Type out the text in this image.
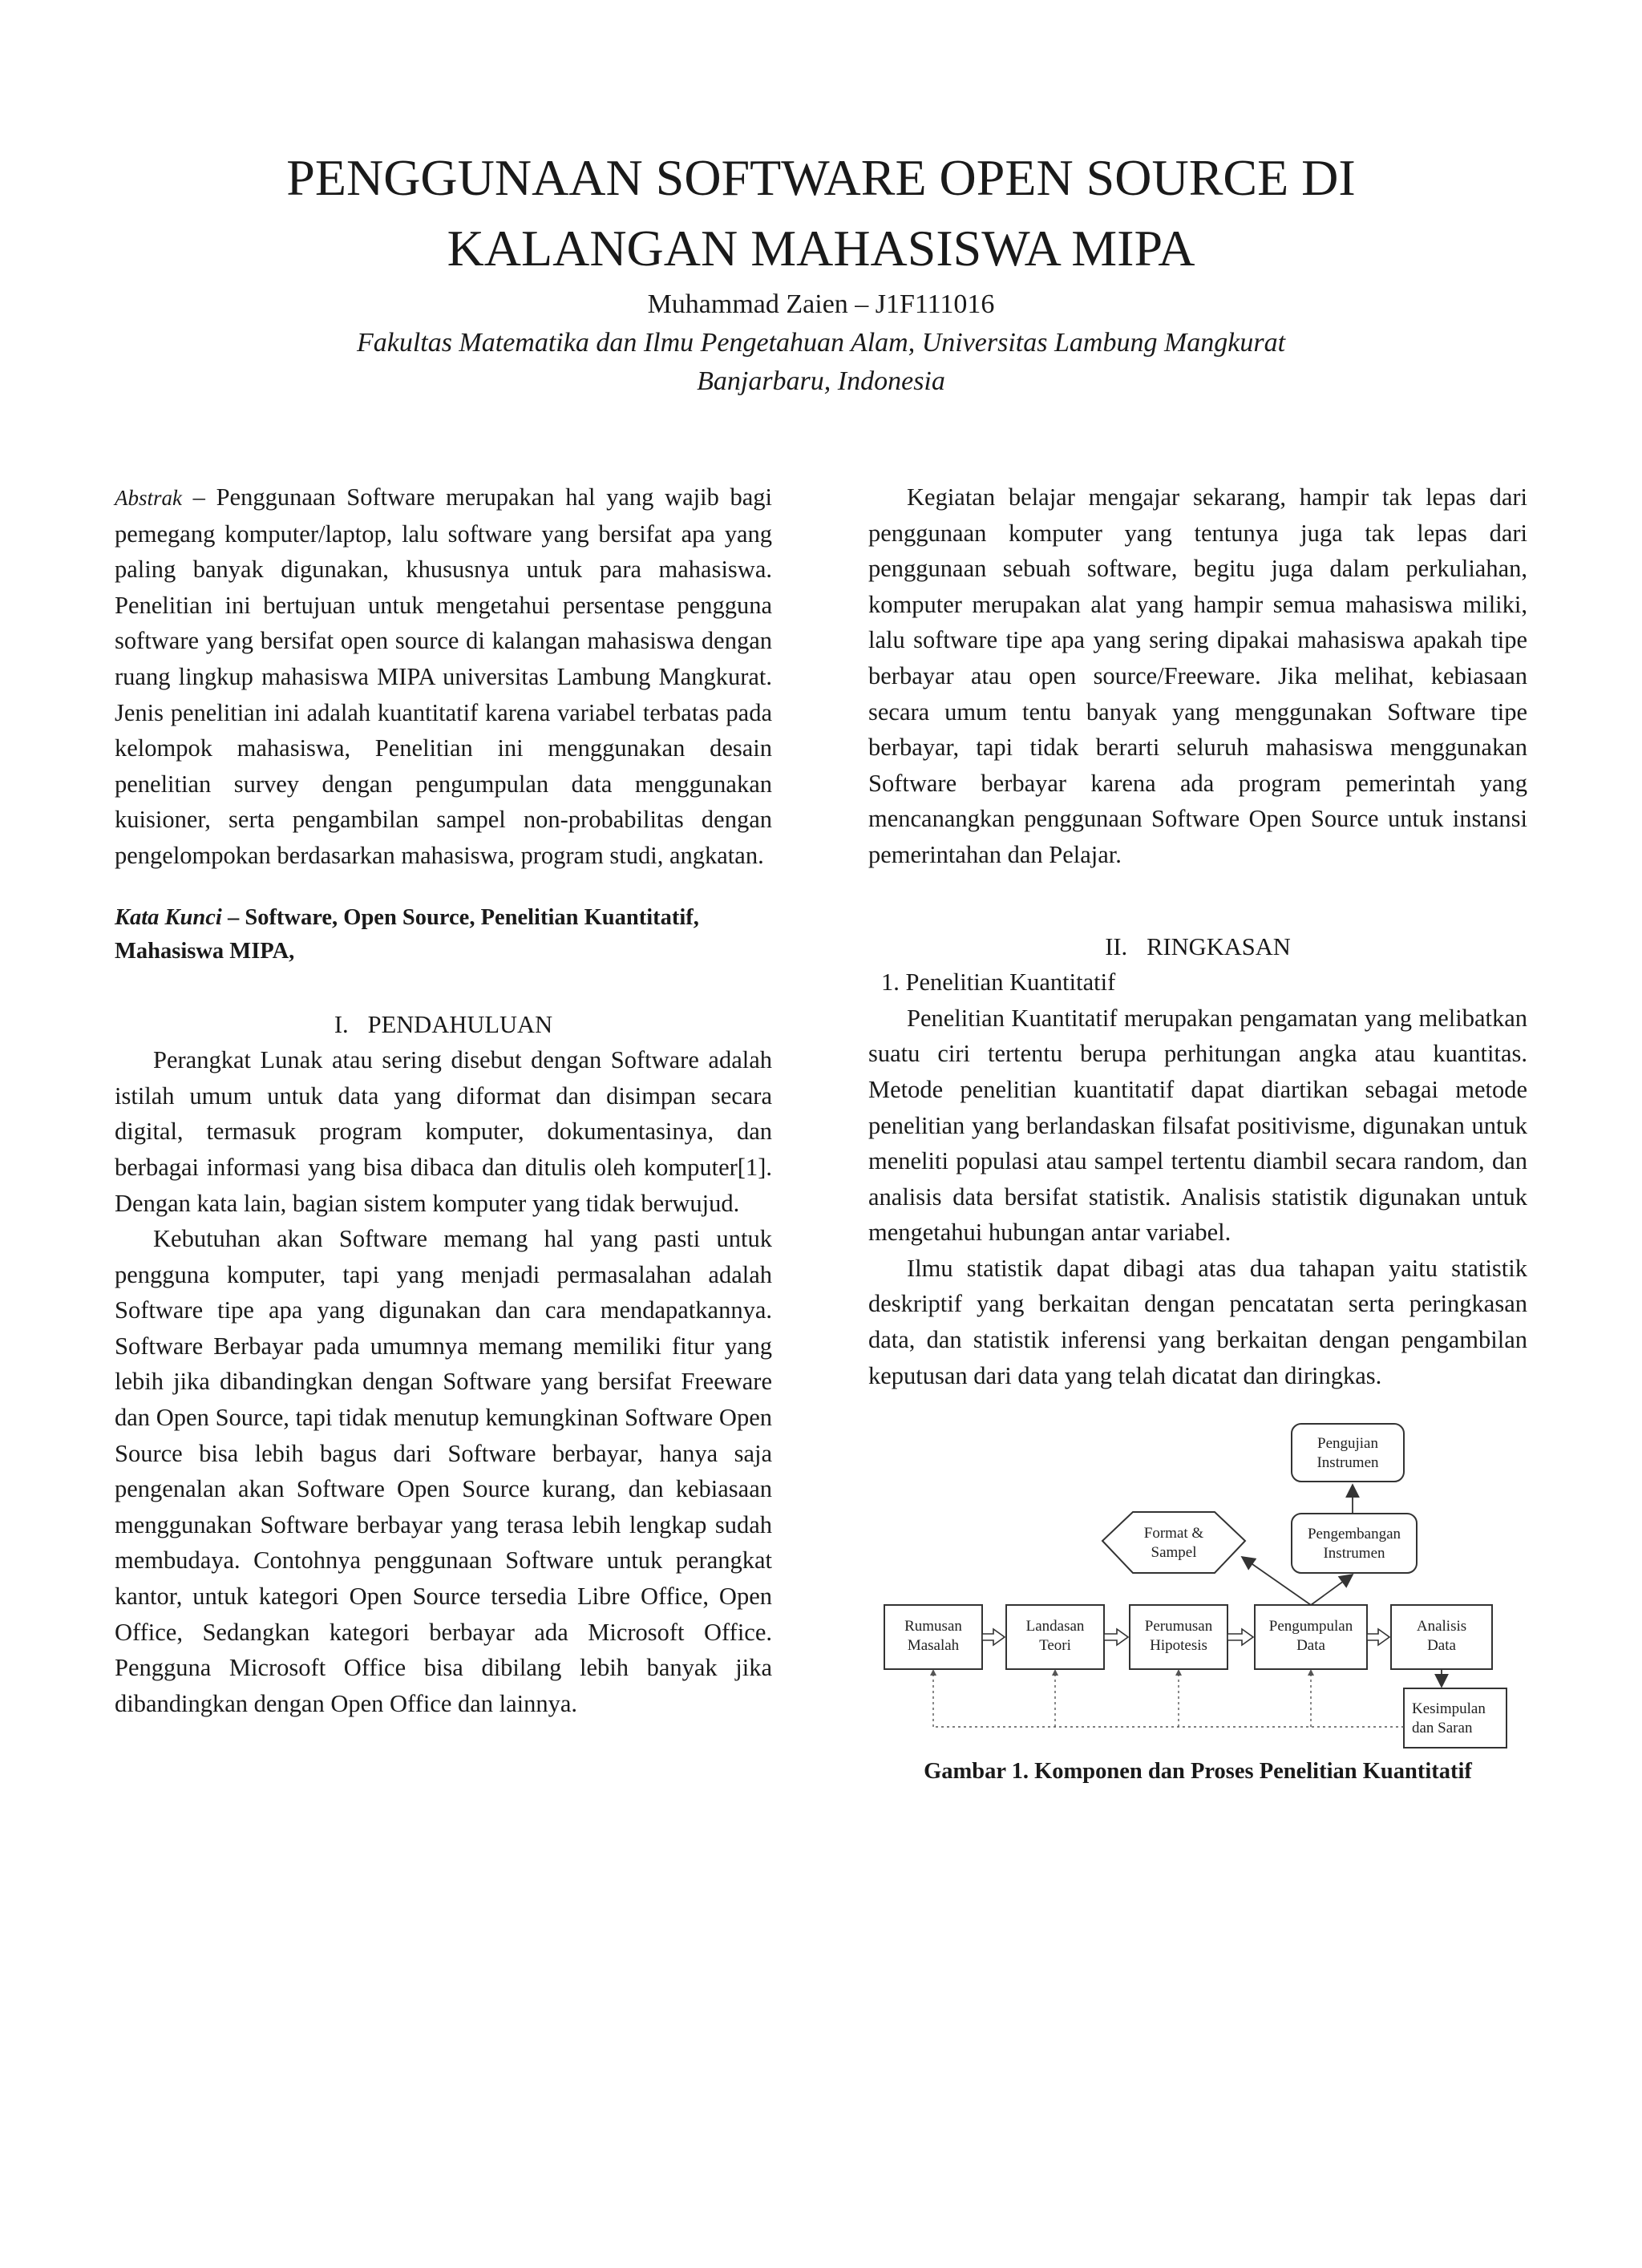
PENGGUNAAN SOFTWARE OPEN SOURCE DI
KALANGAN MAHASISWA MIPA
Muhammad Zaien – J1F111016
Fakultas Matematika dan Ilmu Pengetahuan Alam, Universitas Lambung Mangkurat
Banjarbaru, Indonesia

Abstrak – Penggunaan Software merupakan hal yang wajib bagi pemegang komputer/laptop, lalu software yang bersifat apa yang paling banyak digunakan, khususnya untuk para mahasiswa. Penelitian ini bertujuan untuk mengetahui persentase pengguna software yang bersifat open source di kalangan mahasiswa dengan ruang lingkup mahasiswa MIPA universitas Lambung Mangkurat. Jenis penelitian ini adalah kuantitatif karena variabel terbatas pada kelompok mahasiswa, Penelitian ini menggunakan desain penelitian survey dengan pengumpulan data menggunakan kuisioner, serta pengambilan sampel non-probabilitas dengan pengelompokan berdasarkan mahasiswa, program studi, angkatan.

Kata Kunci – Software, Open Source, Penelitian Kuantitatif, Mahasiswa MIPA,

I. PENDAHULUAN

Perangkat Lunak atau sering disebut dengan Software adalah istilah umum untuk data yang diformat dan disimpan secara digital, termasuk program komputer, dokumentasinya, dan berbagai informasi yang bisa dibaca dan ditulis oleh komputer[1]. Dengan kata lain, bagian sistem komputer yang tidak berwujud.

Kebutuhan akan Software memang hal yang pasti untuk pengguna komputer, tapi yang menjadi permasalahan adalah Software tipe apa yang digunakan dan cara mendapatkannya. Software Berbayar pada umumnya memang memiliki fitur yang lebih jika dibandingkan dengan Software yang bersifat Freeware dan Open Source, tapi tidak menutup kemungkinan Software Open Source bisa lebih bagus dari Software berbayar, hanya saja pengenalan akan Software Open Source kurang, dan kebiasaan menggunakan Software berbayar yang terasa lebih lengkap sudah membudaya. Contohnya penggunaan Software untuk perangkat kantor, untuk kategori Open Source tersedia Libre Office, Open Office, Sedangkan kategori berbayar ada Microsoft Office. Pengguna Microsoft Office bisa dibilang lebih banyak jika dibandingkan dengan Open Office dan lainnya.

Kegiatan belajar mengajar sekarang, hampir tak lepas dari penggunaan komputer yang tentunya juga tak lepas dari penggunaan sebuah software, begitu juga dalam perkuliahan, komputer merupakan alat yang hampir semua mahasiswa miliki, lalu software tipe apa yang sering dipakai mahasiswa apakah tipe berbayar atau open source/Freeware. Jika melihat, kebiasaan secara umum tentu banyak yang menggunakan Software tipe berbayar, tapi tidak berarti seluruh mahasiswa menggunakan Software berbayar karena ada program pemerintah yang mencanangkan penggunaan Software Open Source untuk instansi pemerintahan dan Pelajar.

II. RINGKASAN

1. Penelitian Kuantitatif

Penelitian Kuantitatif merupakan pengamatan yang melibatkan suatu ciri tertentu berupa perhitungan angka atau kuantitas. Metode penelitian kuantitatif dapat diartikan sebagai metode penelitian yang berlandaskan filsafat positivisme, digunakan untuk meneliti populasi atau sampel tertentu diambil secara random, dan analisis data bersifat statistik. Analisis statistik digunakan untuk mengetahui hubungan antar variabel.

Ilmu statistik dapat dibagi atas dua tahapan yaitu statistik deskriptif yang berkaitan dengan pencatatan serta peringkasan data, dan statistik inferensi yang berkaitan dengan pengambilan keputusan dari data yang telah dicatat dan diringkas.

Pengujian
Instrumen
Pengembangan
Instrumen
Format &
Sampel
Rumusan
Masalah
Landasan
Teori
Perumusan
Hipotesis
Pengumpulan
Data
Analisis
Data
Kesimpulan
dan Saran

Gambar 1. Komponen dan Proses Penelitian Kuantitatif
